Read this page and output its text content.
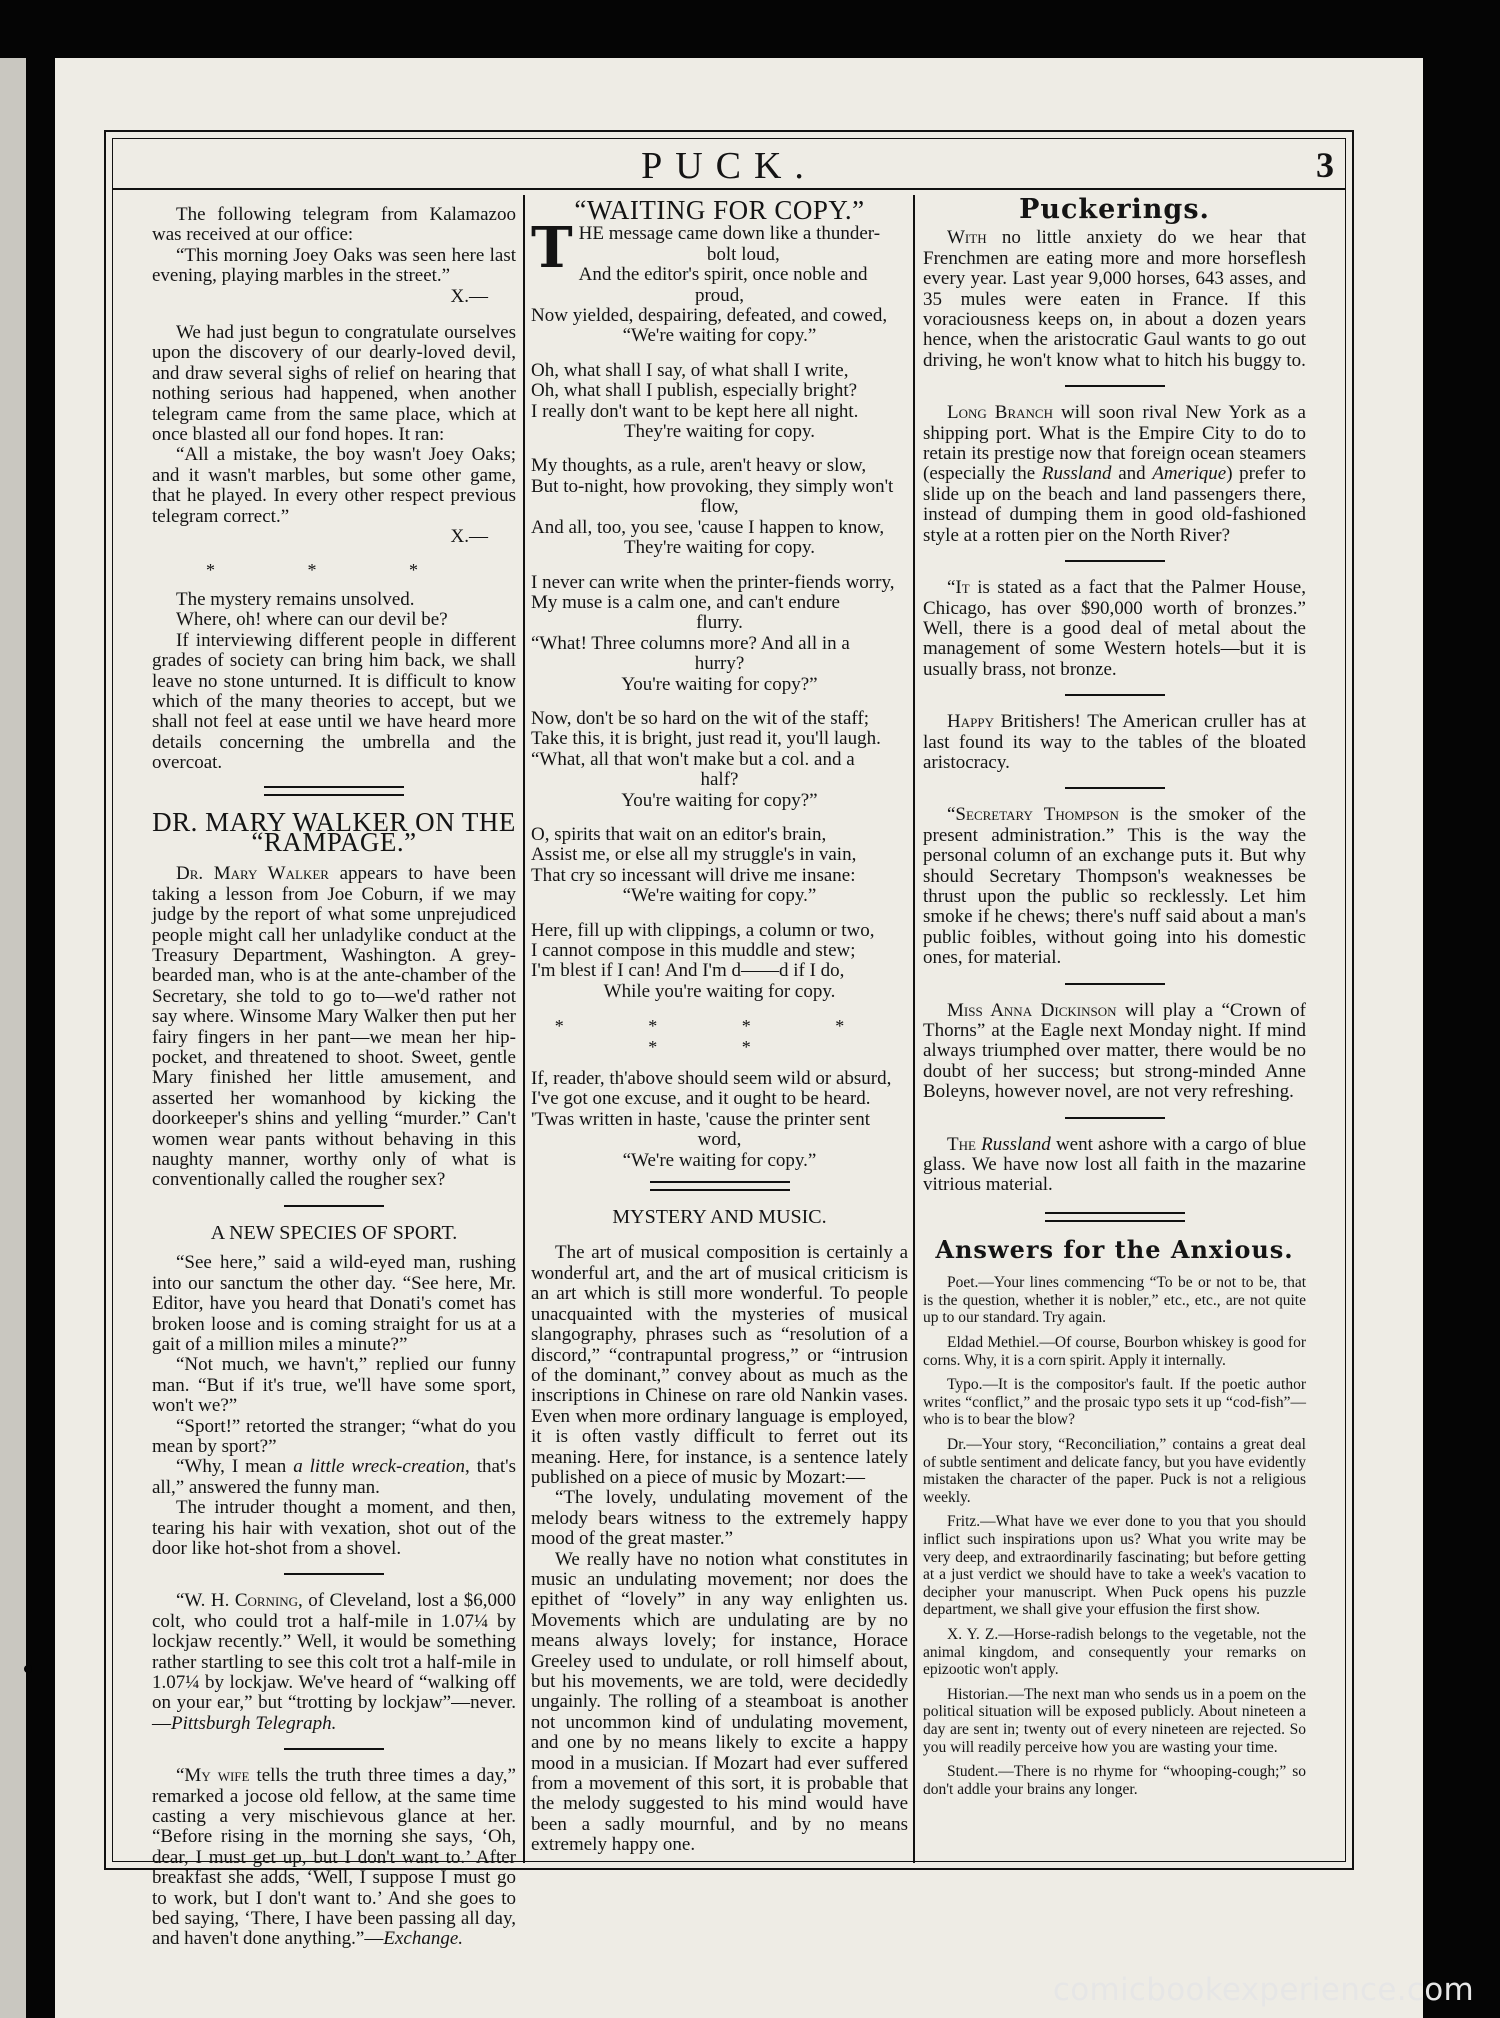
PUCK.	3

The following telegram from Kalamazoo was received at our office:

“This morning Joey Oaks was seen here last evening, playing marbles in the street.”

X.—

We had just begun to congratulate ourselves upon the discovery of our dearly-loved devil, and draw several sighs of relief on hearing that nothing serious had happened, when another telegram came from the same place, which at once blasted all our fond hopes. It ran:

“All a mistake, the boy wasn't Joey Oaks; and it wasn't marbles, but some other game, that he played. In every other respect previous telegram correct.”

X.—

* * *

The mystery remains unsolved.

Where, oh! where can our devil be?

If interviewing different people in different grades of society can bring him back, we shall leave no stone unturned. It is difficult to know which of the many theories to accept, but we shall not feel at ease until we have heard more details concerning the umbrella and the overcoat.

DR. MARY WALKER ON THE “RAMPAGE.”

Dr. Mary Walker appears to have been taking a lesson from Joe Coburn, if we may judge by the report of what some unprejudiced people might call her unladylike conduct at the Treasury Department, Washington. A grey-bearded man, who is at the ante-chamber of the Secretary, she told to go to—we'd rather not say where. Winsome Mary Walker then put her fairy fingers in her pant—we mean her hip-pocket, and threatened to shoot. Sweet, gentle Mary finished her little amusement, and asserted her womanhood by kicking the doorkeeper's shins and yelling “murder.” Can't women wear pants without behaving in this naughty manner, worthy only of what is conventionally called the rougher sex?

A NEW SPECIES OF SPORT.

“See here,” said a wild-eyed man, rushing into our sanctum the other day. “See here, Mr. Editor, have you heard that Donati's comet has broken loose and is coming straight for us at a gait of a million miles a minute?”

“Not much, we havn't,” replied our funny man. “But if it's true, we'll have some sport, won't we?”

“Sport!” retorted the stranger; “what do you mean by sport?”

“Why, I mean a little wreck-creation, that's all,” answered the funny man.

The intruder thought a moment, and then, tearing his hair with vexation, shot out of the door like hot-shot from a shovel.

“W. H. Corning, of Cleveland, lost a $6,000 colt, who could trot a half-mile in 1.07¼ by lockjaw recently.” Well, it would be something rather startling to see this colt trot a half-mile in 1.07¼ by lockjaw. We've heard of “walking off on your ear,” but “trotting by lockjaw”—never.—Pittsburgh Telegraph.

“My wife tells the truth three times a day,” remarked a jocose old fellow, at the same time casting a very mischievous glance at her. “Before rising in the morning she says, ‘Oh, dear, I must get up, but I don't want to.’ After breakfast she adds, ‘Well, I suppose I must go to work, but I don't want to.’ And she goes to bed saying, ‘There, I have been passing all day, and haven't done anything.”—Exchange.

“WAITING FOR COPY.”
T HE message came down like a thunder-
bolt loud,
And the editor's spirit, once noble and
proud,
Now yielded, despairing, defeated, and cowed,
“We're waiting for copy.”
Oh, what shall I say, of what shall I write,
Oh, what shall I publish, especially bright?
I really don't want to be kept here all night.
They're waiting for copy.
My thoughts, as a rule, aren't heavy or slow,
But to-night, how provoking, they simply won't
flow,
And all, too, you see, 'cause I happen to know,
They're waiting for copy.
I never can write when the printer-fiends worry,
My muse is a calm one, and can't endure
flurry.
“What! Three columns more? And all in a
hurry?
You're waiting for copy?”
Now, don't be so hard on the wit of the staff;
Take this, it is bright, just read it, you'll laugh.
“What, all that won't make but a col. and a
half?
You're waiting for copy?”
O, spirits that wait on an editor's brain,
Assist me, or else all my struggle's in vain,
That cry so incessant will drive me insane:
“We're waiting for copy.”
Here, fill up with clippings, a column or two,
I cannot compose in this muddle and stew;
I'm blest if I can! And I'm d——d if I do,
While you're waiting for copy.
* * * * * *
If, reader, th'above should seem wild or absurd,
I've got one excuse, and it ought to be heard.
'Twas written in haste, 'cause the printer sent
word,
“We're waiting for copy.”
MYSTERY AND MUSIC.

The art of musical composition is certainly a wonderful art, and the art of musical criticism is an art which is still more wonderful. To people unacquainted with the mysteries of musical slangography, phrases such as “resolution of a discord,” “contrapuntal progress,” or “intrusion of the dominant,” convey about as much as the inscriptions in Chinese on rare old Nankin vases. Even when more ordinary language is employed, it is often vastly difficult to ferret out its meaning. Here, for instance, is a sentence lately published on a piece of music by Mozart:—

“The lovely, undulating movement of the melody bears witness to the extremely happy mood of the great master.”

We really have no notion what constitutes in music an undulating movement; nor does the epithet of “lovely” in any way enlighten us. Movements which are undulating are by no means always lovely; for instance, Horace Greeley used to undulate, or roll himself about, but his movements, we are told, were decidedly ungainly. The rolling of a steamboat is another not uncommon kind of undulating movement, and one by no means likely to excite a happy mood in a musician. If Mozart had ever suffered from a movement of this sort, it is probable that the melody suggested to his mind would have been a sadly mournful, and by no means extremely happy one.

Puckerings.

With no little anxiety do we hear that Frenchmen are eating more and more horseflesh every year. Last year 9,000 horses, 643 asses, and 35 mules were eaten in France. If this voraciousness keeps on, in about a dozen years hence, when the aristocratic Gaul wants to go out driving, he won't know what to hitch his buggy to.

Long Branch will soon rival New York as a shipping port. What is the Empire City to do to retain its prestige now that foreign ocean steamers (especially the Russland and Amerique) prefer to slide up on the beach and land passengers there, instead of dumping them in good old-fashioned style at a rotten pier on the North River?

“It is stated as a fact that the Palmer House, Chicago, has over $90,000 worth of bronzes.” Well, there is a good deal of metal about the management of some Western hotels—but it is usually brass, not bronze.

Happy Britishers! The American cruller has at last found its way to the tables of the bloated aristocracy.

“Secretary Thompson is the smoker of the present administration.” This is the way the personal column of an exchange puts it. But why should Secretary Thompson's weaknesses be thrust upon the public so recklessly. Let him smoke if he chews; there's nuff said about a man's public foibles, without going into his domestic ones, for material.

Miss Anna Dickinson will play a “Crown of Thorns” at the Eagle next Monday night. If mind always triumphed over matter, there would be no doubt of her success; but strong-minded Anne Boleyns, however novel, are not very refreshing.

The Russland went ashore with a cargo of blue glass. We have now lost all faith in the mazarine vitrious material.

Answers for the Anxious.

Poet.—Your lines commencing “To be or not to be, that is the question, whether it is nobler,” etc., etc., are not quite up to our standard. Try again.

Eldad Methiel.—Of course, Bourbon whiskey is good for corns. Why, it is a corn spirit. Apply it internally.

Typo.—It is the compositor's fault. If the poetic author writes “conflict,” and the prosaic typo sets it up “cod-fish”—who is to bear the blow?

Dr.—Your story, “Reconciliation,” contains a great deal of subtle sentiment and delicate fancy, but you have evidently mistaken the character of the paper. Puck is not a religious weekly.

Fritz.—What have we ever done to you that you should inflict such inspirations upon us? What you write may be very deep, and extraordinarily fascinating; but before getting at a just verdict we should have to take a week's vacation to decipher your manuscript. When Puck opens his puzzle department, we shall give your effusion the first show.

X. Y. Z.—Horse-radish belongs to the vegetable, not the animal kingdom, and consequently your remarks on epizootic won't apply.

Historian.—The next man who sends us in a poem on the political situation will be exposed publicly. About nineteen a day are sent in; twenty out of every nineteen are rejected. So you will readily perceive how you are wasting your time.

Student.—There is no rhyme for “whooping-cough;” so don't addle your brains any longer.

comicbookexperience.com
